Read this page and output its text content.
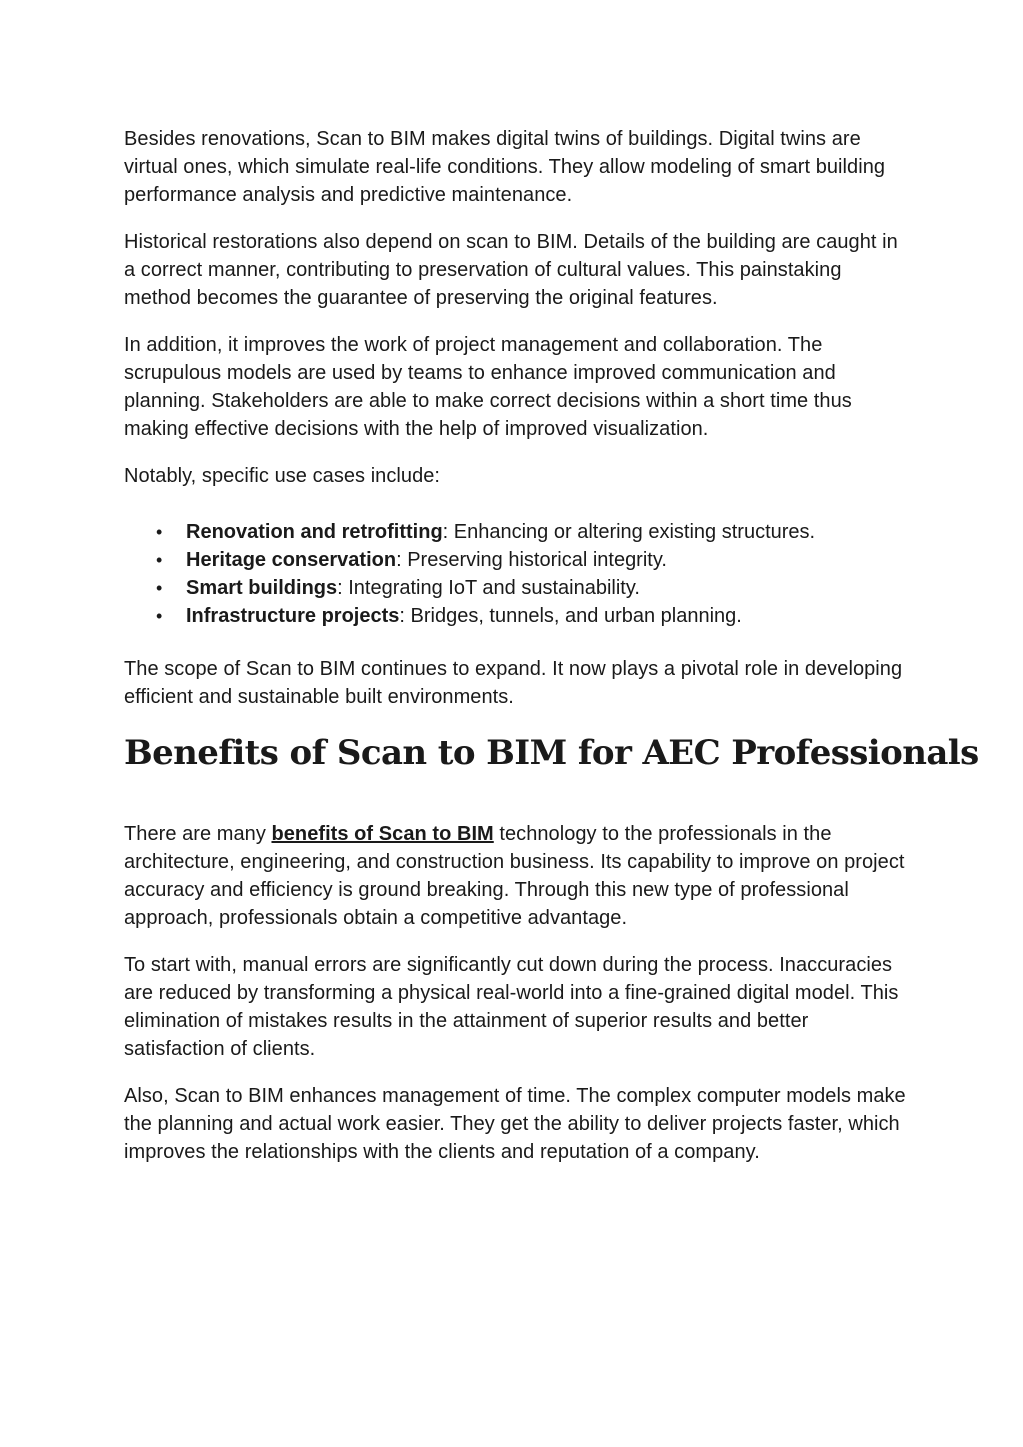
Besides renovations, Scan to BIM makes digital twins of buildings. Digital twins are virtual ones, which simulate real-life conditions. They allow modeling of smart building performance analysis and predictive maintenance.

Historical restorations also depend on scan to BIM. Details of the building are caught in a correct manner, contributing to preservation of cultural values. This painstaking method becomes the guarantee of preserving the original features.

In addition, it improves the work of project management and collaboration. The scrupulous models are used by teams to enhance improved communication and planning. Stakeholders are able to make correct decisions within a short time thus making effective decisions with the help of improved visualization.

Notably, specific use cases include:

• Renovation and retrofitting: Enhancing or altering existing structures.
• Heritage conservation: Preserving historical integrity.
• Smart buildings: Integrating IoT and sustainability.
• Infrastructure projects: Bridges, tunnels, and urban planning.

The scope of Scan to BIM continues to expand. It now plays a pivotal role in developing efficient and sustainable built environments.

Benefits of Scan to BIM for AEC Professionals

There are many benefits of Scan to BIM technology to the professionals in the architecture, engineering, and construction business. Its capability to improve on project accuracy and efficiency is ground breaking. Through this new type of professional approach, professionals obtain a competitive advantage.

To start with, manual errors are significantly cut down during the process. Inaccuracies are reduced by transforming a physical real-world into a fine-grained digital model. This elimination of mistakes results in the attainment of superior results and better satisfaction of clients.

Also, Scan to BIM enhances management of time. The complex computer models make the planning and actual work easier. They get the ability to deliver projects faster, which improves the relationships with the clients and reputation of a company.
